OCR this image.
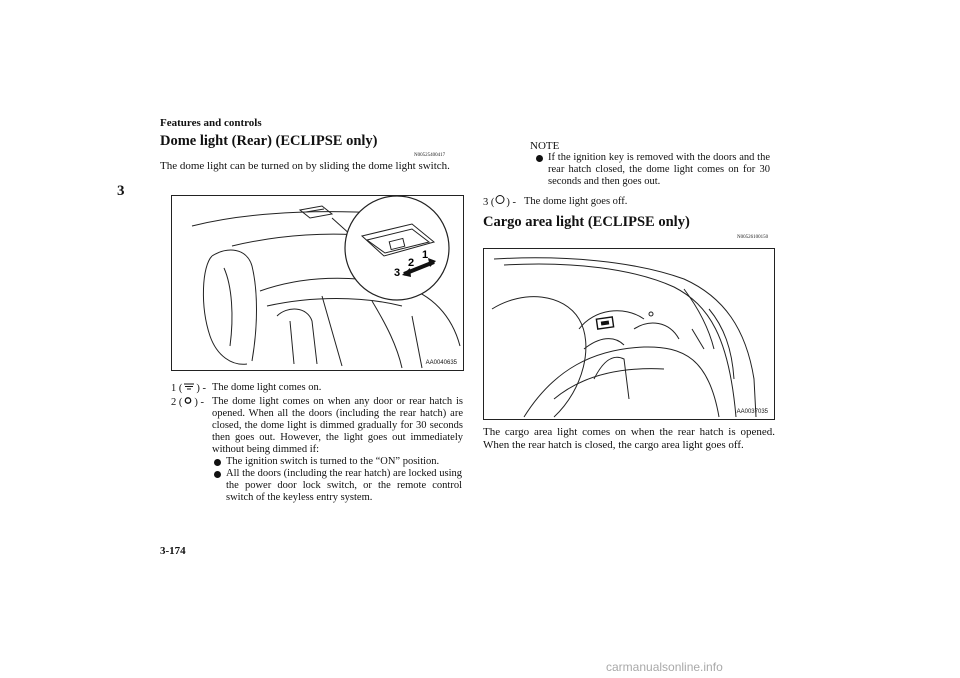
Features and controls
3
3-174
carmanualsonline.info
Dome light (Rear) (ECLIPSE only)
N00525400417
The dome light can be turned on by sliding the dome light switch.
1
2
3
AA0040635
1 ( ) - The dome light comes on.
2 ( ) - The dome light comes on when any door or rear hatch is opened. When all the doors (including the rear hatch) are closed, the dome light is dimmed gradually for 30 seconds then goes out. However, the light goes out immediately without being dimmed if:
The ignition switch is turned to the “ON” position.
All the doors (including the rear hatch) are locked using the power door lock switch, or the remote control switch of the keyless entry system.
NOTE
If the ignition key is removed with the doors and the rear hatch closed, the dome light comes on for 30 seconds and then goes out.
3 ( ) - The dome light goes off.
Cargo area light (ECLIPSE only)
N00526100150
AA0037035
The cargo area light comes on when the rear hatch is opened. When the rear hatch is closed, the cargo area light goes off.
